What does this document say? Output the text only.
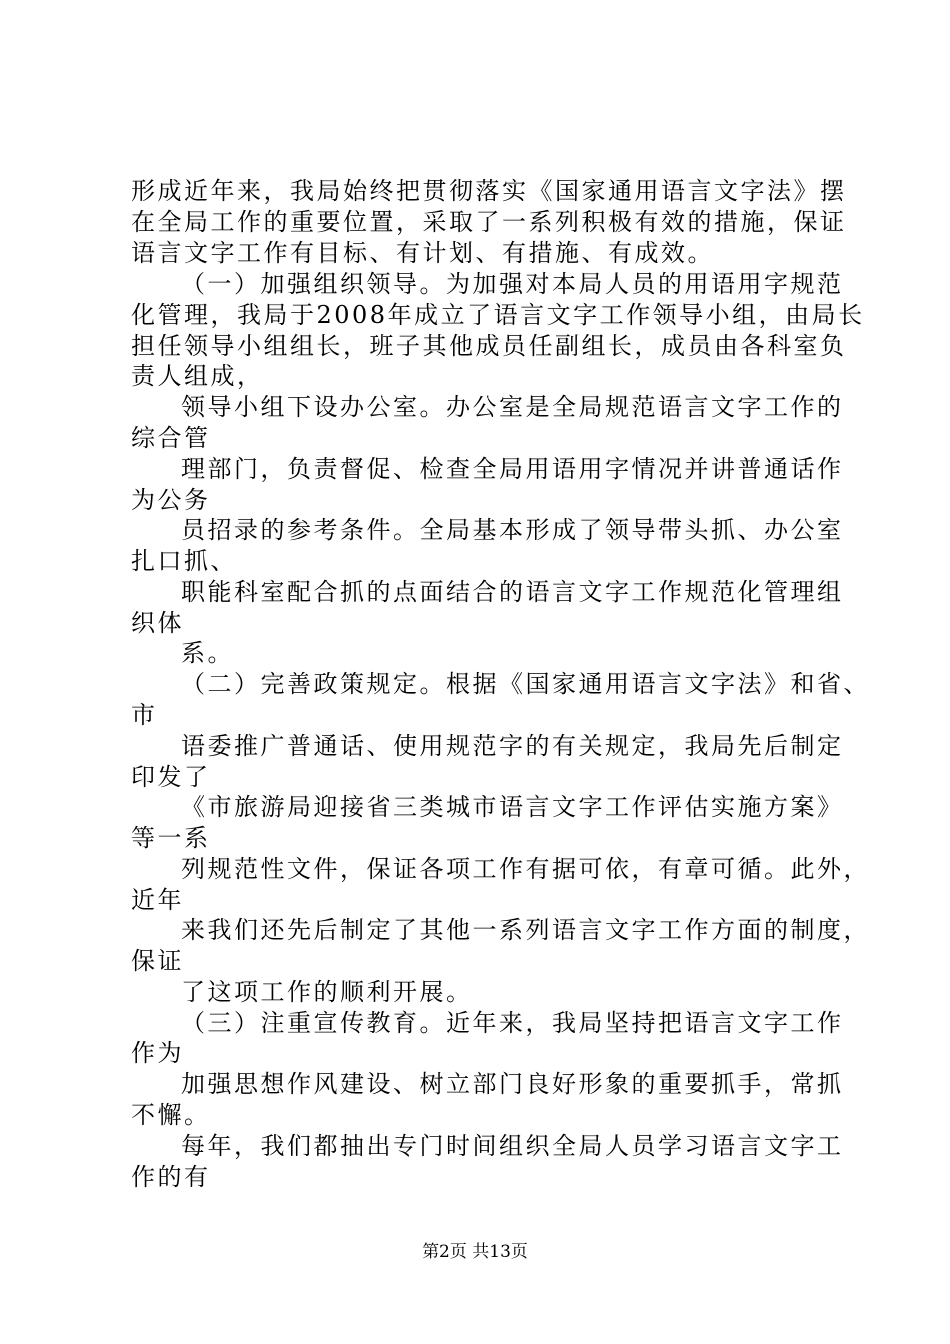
形成近年来，我局始终把贯彻落实《国家通用语言文字法》摆
在全局工作的重要位置，采取了一系列积极有效的措施，保证
语言文字工作有目标、有计划、有措施、有成效。
（一）加强组织领导。为加强对本局人员的用语用字规范
化管理，我局于2008年成立了语言文字工作领导小组，由局长
担任领导小组组长，班子其他成员任副组长，成员由各科室负
责人组成，
领导小组下设办公室。办公室是全局规范语言文字工作的
综合管
理部门，负责督促、检查全局用语用字情况并讲普通话作
为公务
员招录的参考条件。全局基本形成了领导带头抓、办公室
扎口抓、
职能科室配合抓的点面结合的语言文字工作规范化管理组
织体
系。
（二）完善政策规定。根据《国家通用语言文字法》和省、
市
语委推广普通话、使用规范字的有关规定，我局先后制定
印发了
《市旅游局迎接省三类城市语言文字工作评估实施方案》
等一系
列规范性文件，保证各项工作有据可依，有章可循。此外，
近年
来我们还先后制定了其他一系列语言文字工作方面的制度，
保证
了这项工作的顺利开展。
（三）注重宣传教育。近年来，我局坚持把语言文字工作
作为
加强思想作风建设、树立部门良好形象的重要抓手，常抓
不懈。
每年，我们都抽出专门时间组织全局人员学习语言文字工
作的有
第2页 共13页
